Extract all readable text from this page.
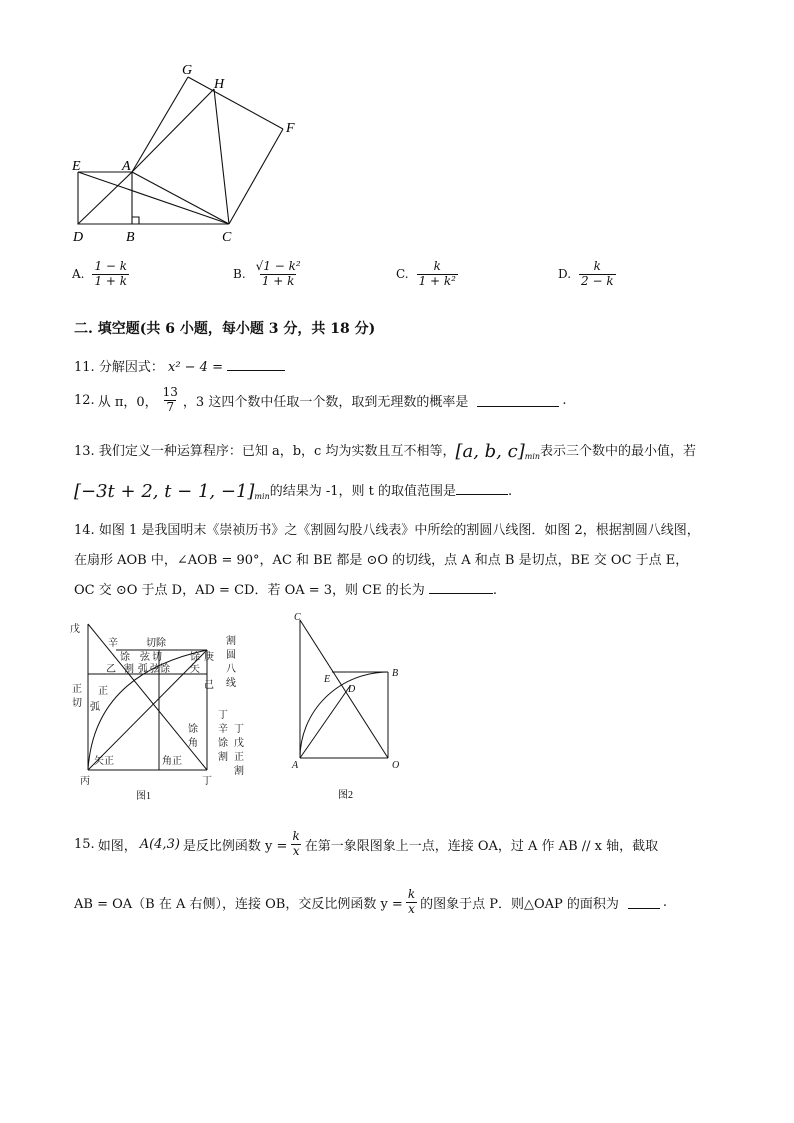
G
H
F
E	A
D	B	C
A. $\frac{1 - k}{1 + k}$	B. $\frac{\text{√1 − k²}}{1 + k}$	C. $\frac{k}{\text{1 + k²}}$	D. $\frac{k}{2 - k}$
二. 填空题(共 6 小题，每小题 3 分，共 18 分)
11. 分解因式： x² − 4 =
12. 从 π，0， $\frac{13}{7}$ ，3 这四个数中任取一个数，取到无理数的概率是	.
13. 我们定义一种运算程序：已知 a，b，c 均为实数且互不相等，[a, b, $c]_{min}$表示三个数中的最小值，若
[−3t + 2, t − 1, $-1]_{min}$的结果为 -1，则 t 的取值范围是	.
14. 如图 1 是我国明末《崇祯历书》之《割圆勾股八线表》中所绘的割圆八线图．如图 2，根据割圆八线图，
在扇形 AOB 中，∠AOB = 90°，AC 和 BE 都是 ⊙O 的切线，点 A 和点 B 是切点，BE 交 OC 于点 E，
OC 交 ⊙O 于点 D，AD = CD．若 OA = 3，则 CE 的长为	.
戊
辛	切除
馀 弦 切
乙 割 弧 弦馀
庚
馀
矢
己
割
圆
八
线
正
切
正
弧
馀
角
丁
辛
馀
割
丁
戊
正
割
矢正	角正
丙	丁
图1
C
B
E
D
A	O
图2
15. 如图， A(4,3) 是反比例函数 $y = \frac{k}{x}$ 在第一象限图象上一点，连接 OA，过 A 作 AB // x 轴，截取
AB = OA（B 在 A 右侧），连接 OB，交反比例函数 $y = \frac{k}{x}$ 的图象于点 P．则△OAP 的面积为	.
